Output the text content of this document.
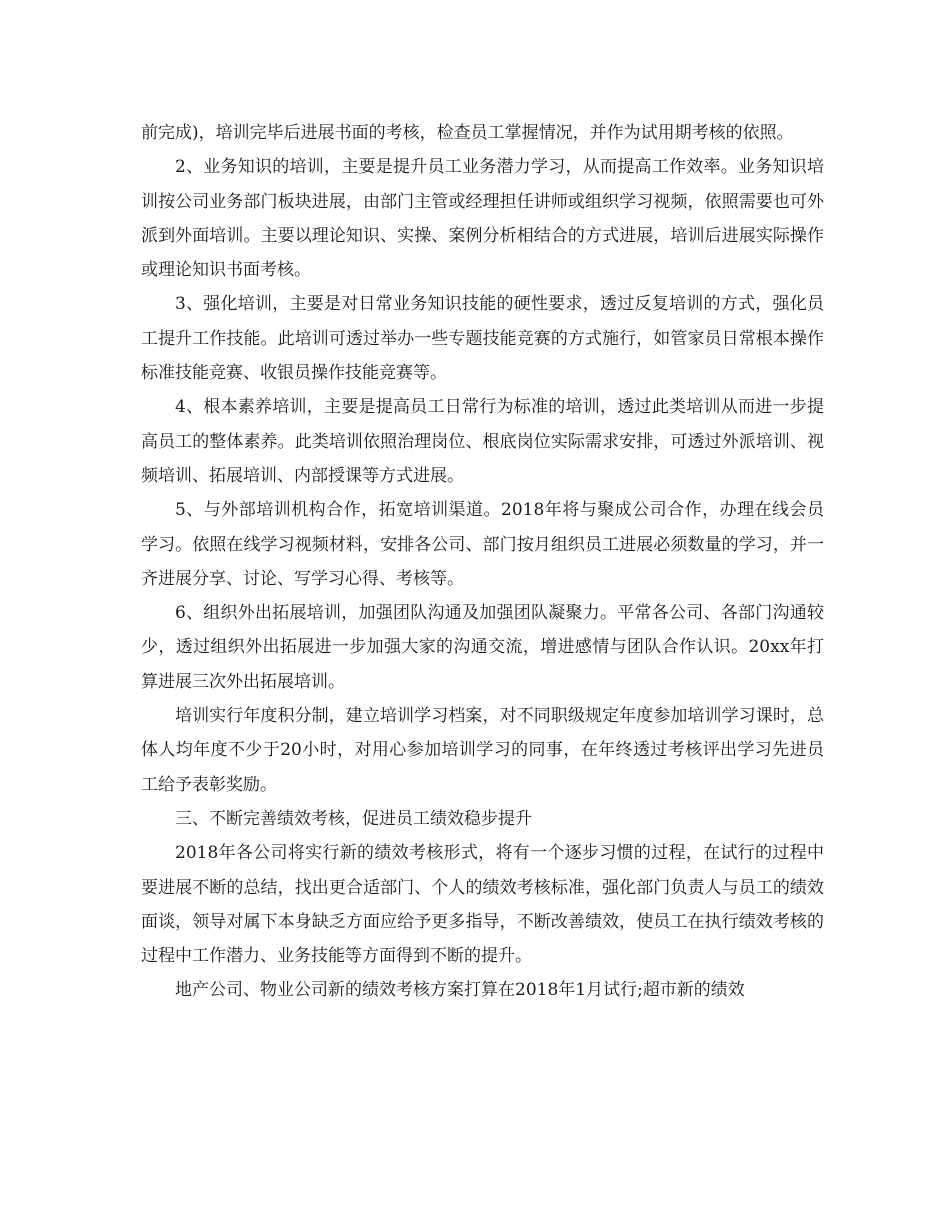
前完成)，培训完毕后进展书面的考核，检查员工掌握情况，并作为试用期考核的依照。

2、业务知识的培训，主要是提升员工业务潜力学习，从而提高工作效率。业务知识培训按公司业务部门板块进展，由部门主管或经理担任讲师或组织学习视频，依照需要也可外派到外面培训。主要以理论知识、实操、案例分析相结合的方式进展，培训后进展实际操作或理论知识书面考核。

3、强化培训，主要是对日常业务知识技能的硬性要求，透过反复培训的方式，强化员工提升工作技能。此培训可透过举办一些专题技能竞赛的方式施行，如管家员日常根本操作标准技能竞赛、收银员操作技能竞赛等。

4、根本素养培训，主要是提高员工日常行为标准的培训，透过此类培训从而进一步提高员工的整体素养。此类培训依照治理岗位、根底岗位实际需求安排，可透过外派培训、视频培训、拓展培训、内部授课等方式进展。

5、与外部培训机构合作，拓宽培训渠道。2018年将与聚成公司合作，办理在线会员学习。依照在线学习视频材料，安排各公司、部门按月组织员工进展必须数量的学习，并一齐进展分享、讨论、写学习心得、考核等。

6、组织外出拓展培训，加强团队沟通及加强团队凝聚力。平常各公司、各部门沟通较少，透过组织外出拓展进一步加强大家的沟通交流，增进感情与团队合作认识。20xx年打算进展三次外出拓展培训。

培训实行年度积分制，建立培训学习档案，对不同职级规定年度参加培训学习课时，总体人均年度不少于20小时，对用心参加培训学习的同事，在年终透过考核评出学习先进员工给予表彰奖励。

三、不断完善绩效考核，促进员工绩效稳步提升

2018年各公司将实行新的绩效考核形式，将有一个逐步习惯的过程，在试行的过程中要进展不断的总结，找出更合适部门、个人的绩效考核标准，强化部门负责人与员工的绩效面谈，领导对属下本身缺乏方面应给予更多指导，不断改善绩效，使员工在执行绩效考核的过程中工作潜力、业务技能等方面得到不断的提升。

地产公司、物业公司新的绩效考核方案打算在2018年1月试行;超市新的绩效
